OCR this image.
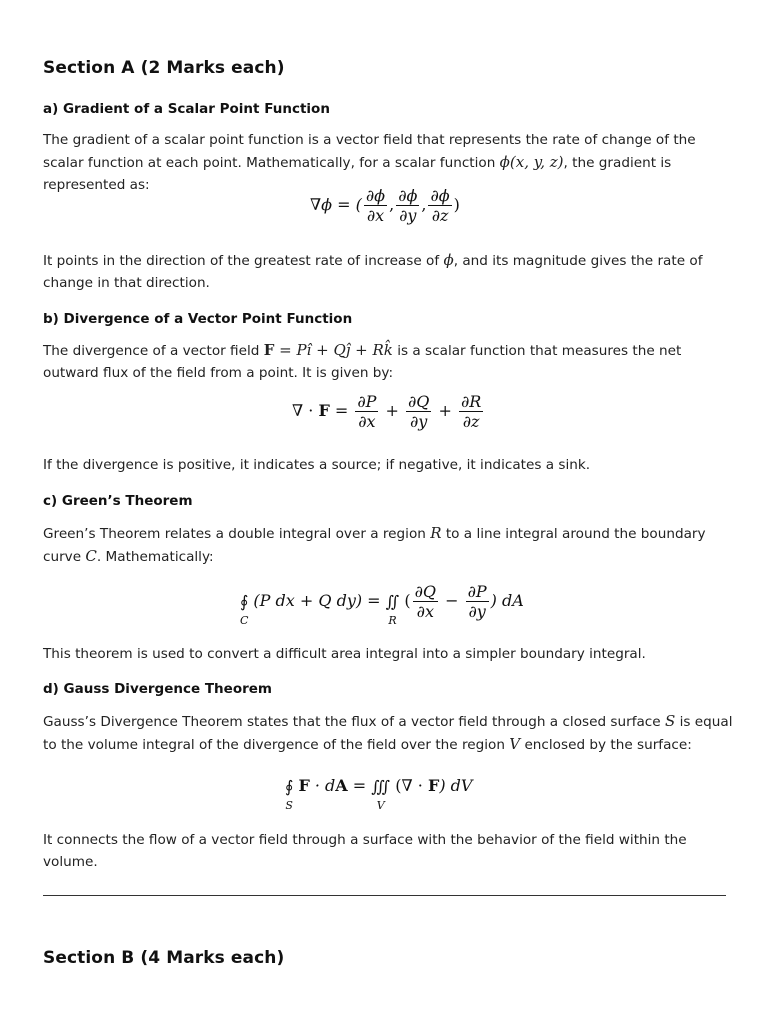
Section A (2 Marks each)
a) Gradient of a Scalar Point Function

The gradient of a scalar point function is a vector field that represents the rate of change of the scalar function at each point. Mathematically, for a scalar function ϕ(x, y, z), the gradient is represented as:

∇ϕ = ( $\frac{\partial\phi}{\partial x}$ , $\frac{\partial\phi}{\partial y}$ , $\frac{\partial\phi}{\partial z}$ )

It points in the direction of the greatest rate of increase of ϕ, and its magnitude gives the rate of change in that direction.

b) Divergence of a Vector Point Function

The divergence of a vector field F = Pî + Qĵ + Rk̂ is a scalar function that measures the net outward flux of the field from a point. It is given by:

∇ · $F = \frac{\partial P}{\partial x} + \frac{\partial Q}{\partial y} + \frac{\partial R}{\partial z}$

If the divergence is positive, it indicates a source; if negative, it indicates a sink.

c) Green’s Theorem

Green’s Theorem relates a double integral over a region R to a line integral around the boundary curve C. Mathematically:

∮
C
(P dx + Q dy) = ∬
R
( $\frac{\partial Q}{\partial x} - \frac{\partial P}{\partial y}$ ) dA

This theorem is used to convert a difficult area integral into a simpler boundary integral.

d) Gauss Divergence Theorem

Gauss’s Divergence Theorem states that the flux of a vector field through a closed surface S is equal to the volume integral of the divergence of the field over the region V enclosed by the surface:

∮
S
F · dA = ∭
V
(∇ · F) dV

It connects the flow of a vector field through a surface with the behavior of the field within the volume.

Section B (4 Marks each)
